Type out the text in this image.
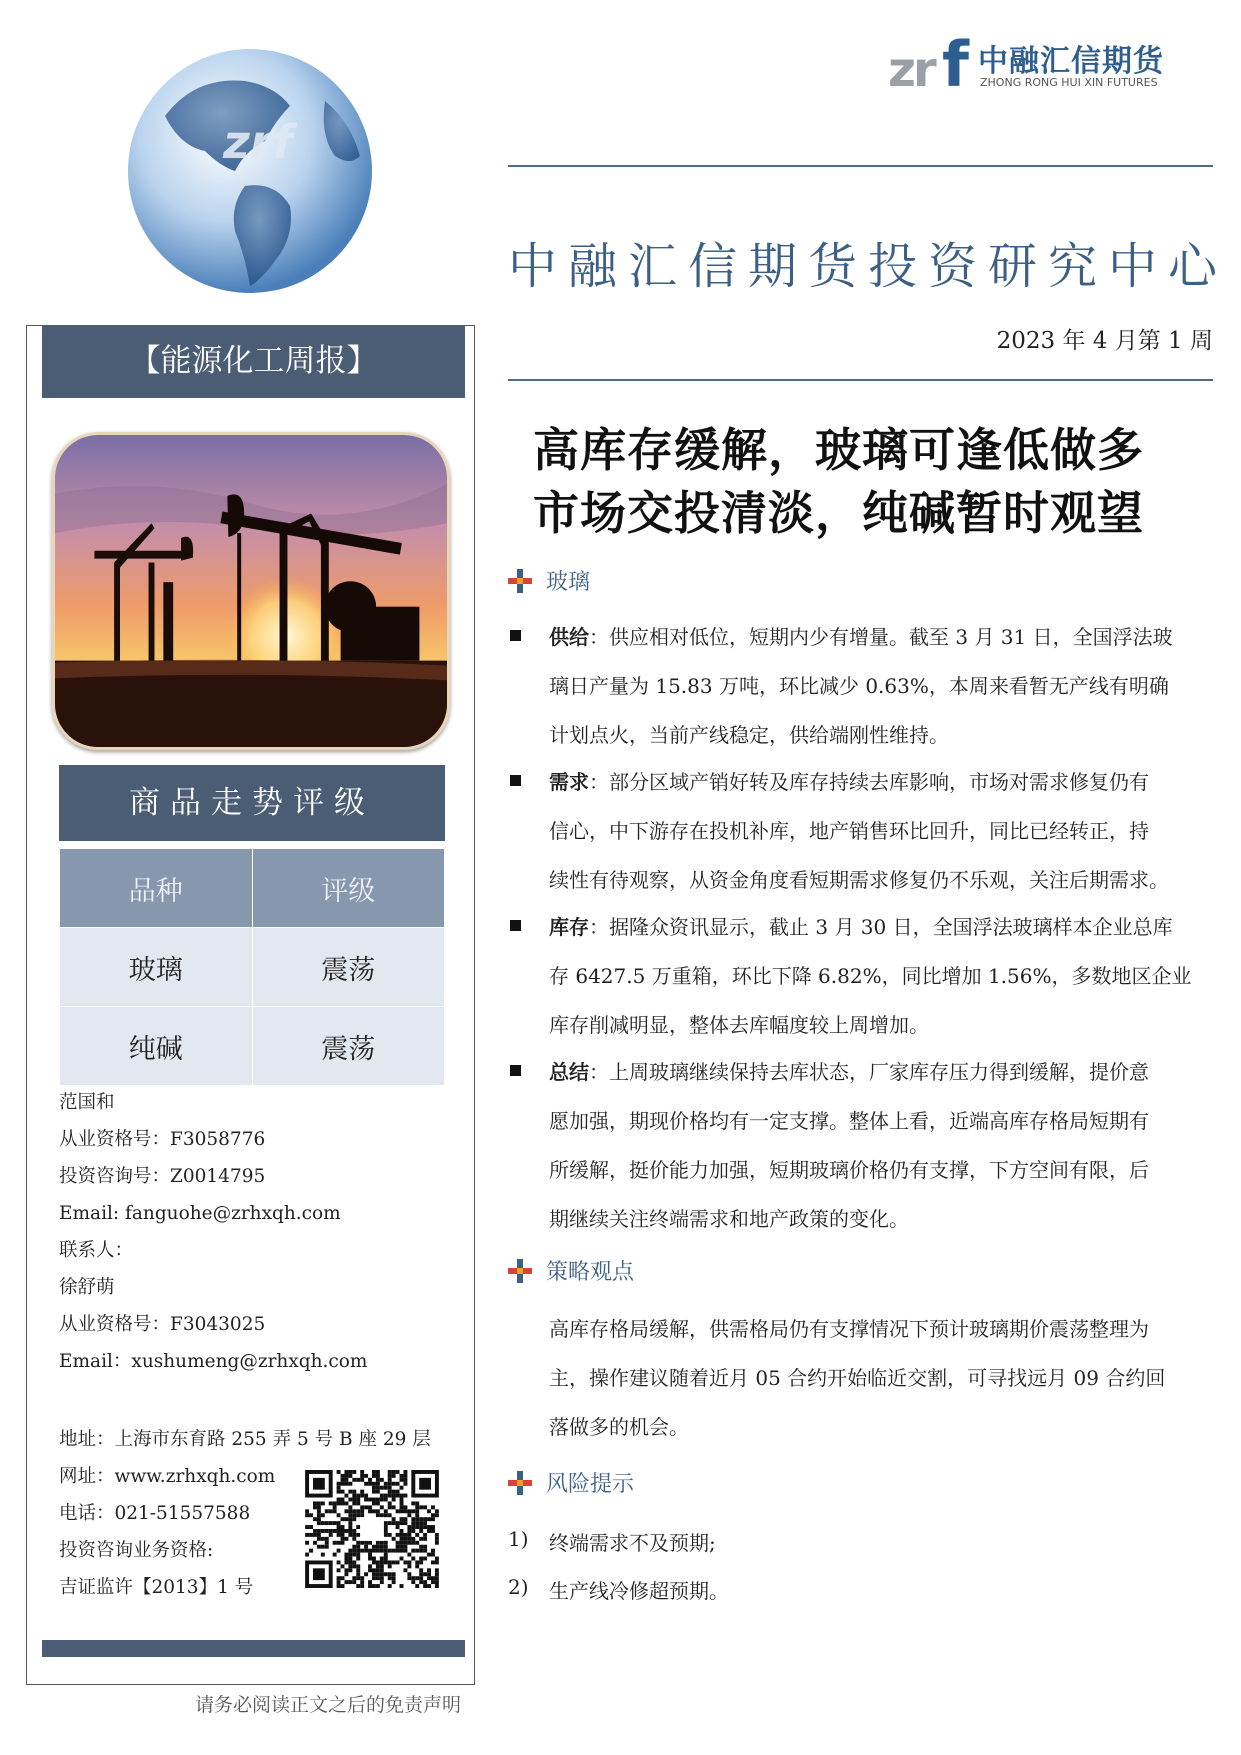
zrf
zr f 中融汇信期货
ZHONG RONG HUI XIN FUTURES
中融汇信期货投资研究中心
2023 年 4 月第 1 周
【能源化工周报】
商品走势评级
品种	评级
玻璃	震荡
纯碱	震荡
范国和
从业资格号：F3058776
投资咨询号：Z0014795
Email: fanguohe@zrhxqh.com
联系人：
徐舒萌
从业资格号：F3043025
Email：xushumeng@zrhxqh.com
地址：上海市东育路 255 弄 5 号 B 座 29 层
网址：www.zrhxqh.com
电话：021-51557588
投资咨询业务资格:
吉证监许【2013】1 号
请务必阅读正文之后的免责声明
高库存缓解，玻璃可逢低做多
市场交投清淡，纯碱暂时观望
玻璃
供给：供应相对低位，短期内少有增量。截至 3 月 31 日，全国浮法玻
璃日产量为 15.83 万吨，环比减少 0.63%，本周来看暂无产线有明确
计划点火，当前产线稳定，供给端刚性维持。
需求：部分区域产销好转及库存持续去库影响，市场对需求修复仍有
信心，中下游存在投机补库，地产销售环比回升，同比已经转正，持
续性有待观察，从资金角度看短期需求修复仍不乐观，关注后期需求。
库存：据隆众资讯显示，截止 3 月 30 日，全国浮法玻璃样本企业总库
存 6427.5 万重箱，环比下降 6.82%，同比增加 1.56%，多数地区企业
库存削减明显，整体去库幅度较上周增加。
总结：上周玻璃继续保持去库状态，厂家库存压力得到缓解，提价意
愿加强，期现价格均有一定支撑。整体上看，近端高库存格局短期有
所缓解，挺价能力加强，短期玻璃价格仍有支撑，下方空间有限，后
期继续关注终端需求和地产政策的变化。
策略观点
高库存格局缓解，供需格局仍有支撑情况下预计玻璃期价震荡整理为
主，操作建议随着近月 05 合约开始临近交割，可寻找远月 09 合约回
落做多的机会。
风险提示
1) 终端需求不及预期;
2) 生产线冷修超预期。
